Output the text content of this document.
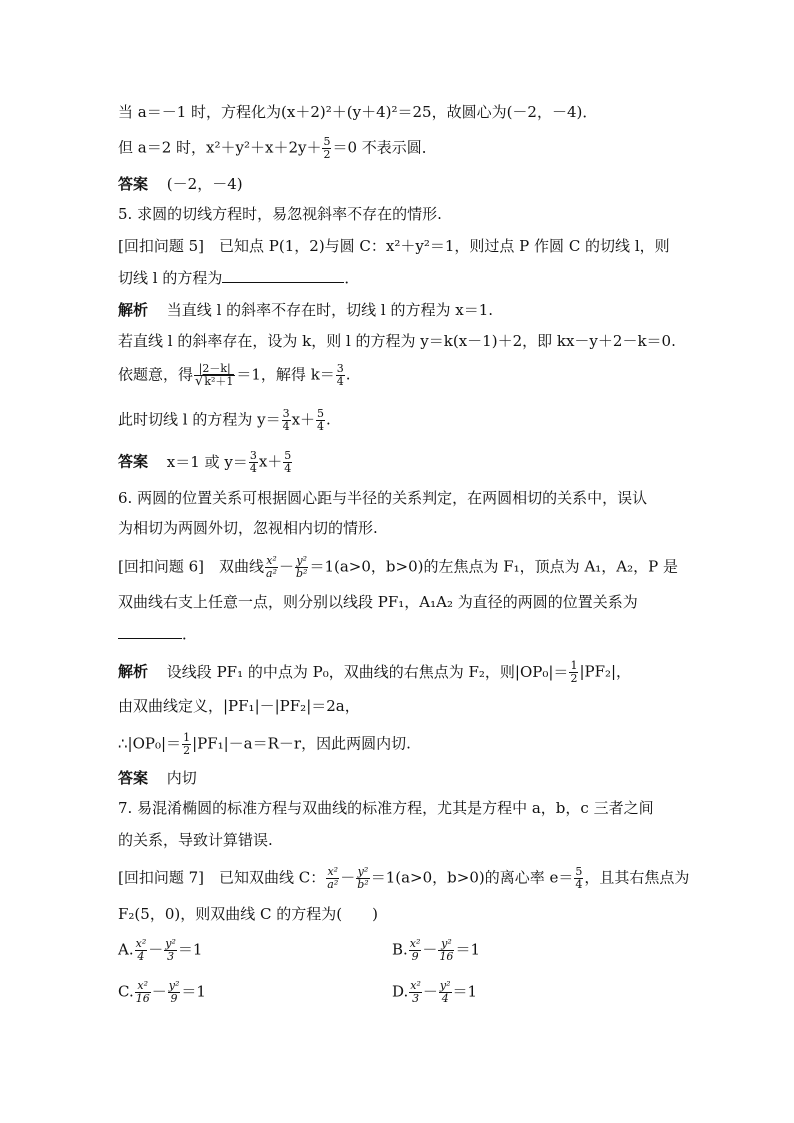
当 a＝－1 时，方程化为(x＋2)²＋(y＋4)²＝25，故圆心为(－2，－4)．
但 a＝2 时，$x^2+y^2+x+2y+ \frac{5}{2} =0$ 不表示圆．
答案 (－2，－4)
5. 求圆的切线方程时，易忽视斜率不存在的情形.
[回扣问题 5]　已知点 P(1，2)与圆 C：x²＋y²＝1，则过点 P 作圆 C 的切线 l，则
切线 l 的方程为	．
解析 当直线 l 的斜率不存在时，切线 l 的方程为 x＝1.
若直线 l 的斜率存在，设为 k，则 l 的方程为 y＝k(x－1)＋2，即 kx－y＋2－k＝0.
依题意，得 $\frac{|2-k|}{\text{√k²＋1}} =1$，解得 $k= \frac{3}{4}$ .
此时切线 l 的方程为 $y= \frac{3}{4} x+ \frac{5}{4}$ .
答案 x＝1 或 $y= \frac{3}{4} x+ \frac{5}{4}$
6. 两圆的位置关系可根据圆心距与半径的关系判定，在两圆相切的关系中，误认
为相切为两圆外切，忽视相内切的情形.
[回扣问题 6]　双曲线 $\frac{\text{x²}}{\text{a²}} - \frac{\text{y²}}{\text{b²}} =1(a>0$，b>0)的左焦点为 F₁，顶点为 A₁，A₂，P 是
双曲线右支上任意一点，则分别以线段 PF₁，A₁A₂ 为直径的两圆的位置关系为
．
解析 设线段 PF₁ 的中点为 P₀，双曲线的右焦点为 F₂，则$|OP_0|= \frac{1}{2} |PF_2|$，
由双曲线定义，|PF₁|－|PF₂|＝2a，
∴|OP₀|＝ $\frac{1}{2} |PF_1|-a=R-r$，因此两圆内切.
答案 内切
7. 易混淆椭圆的标准方程与双曲线的标准方程，尤其是方程中 a，b，c 三者之间
的关系，导致计算错误.
[回扣问题 7]　已知双曲线 C： $\frac{\text{x²}}{\text{a²}} - \frac{\text{y²}}{\text{b²}} =1(a>0$，b>0)的离心率 $e= \frac{5}{4}$ ，且其右焦点为
F₂(5，0)，则双曲线 C 的方程为(　　)
A. $\frac{\text{x²}}{4} - \frac{\text{y²}}{3} =1$	B. $\frac{\text{x²}}{9} - \frac{\text{y²}}{16} =1$
C. $\frac{\text{x²}}{16} - \frac{\text{y²}}{9} =1$	D. $\frac{\text{x²}}{3} - \frac{\text{y²}}{4} =1$
